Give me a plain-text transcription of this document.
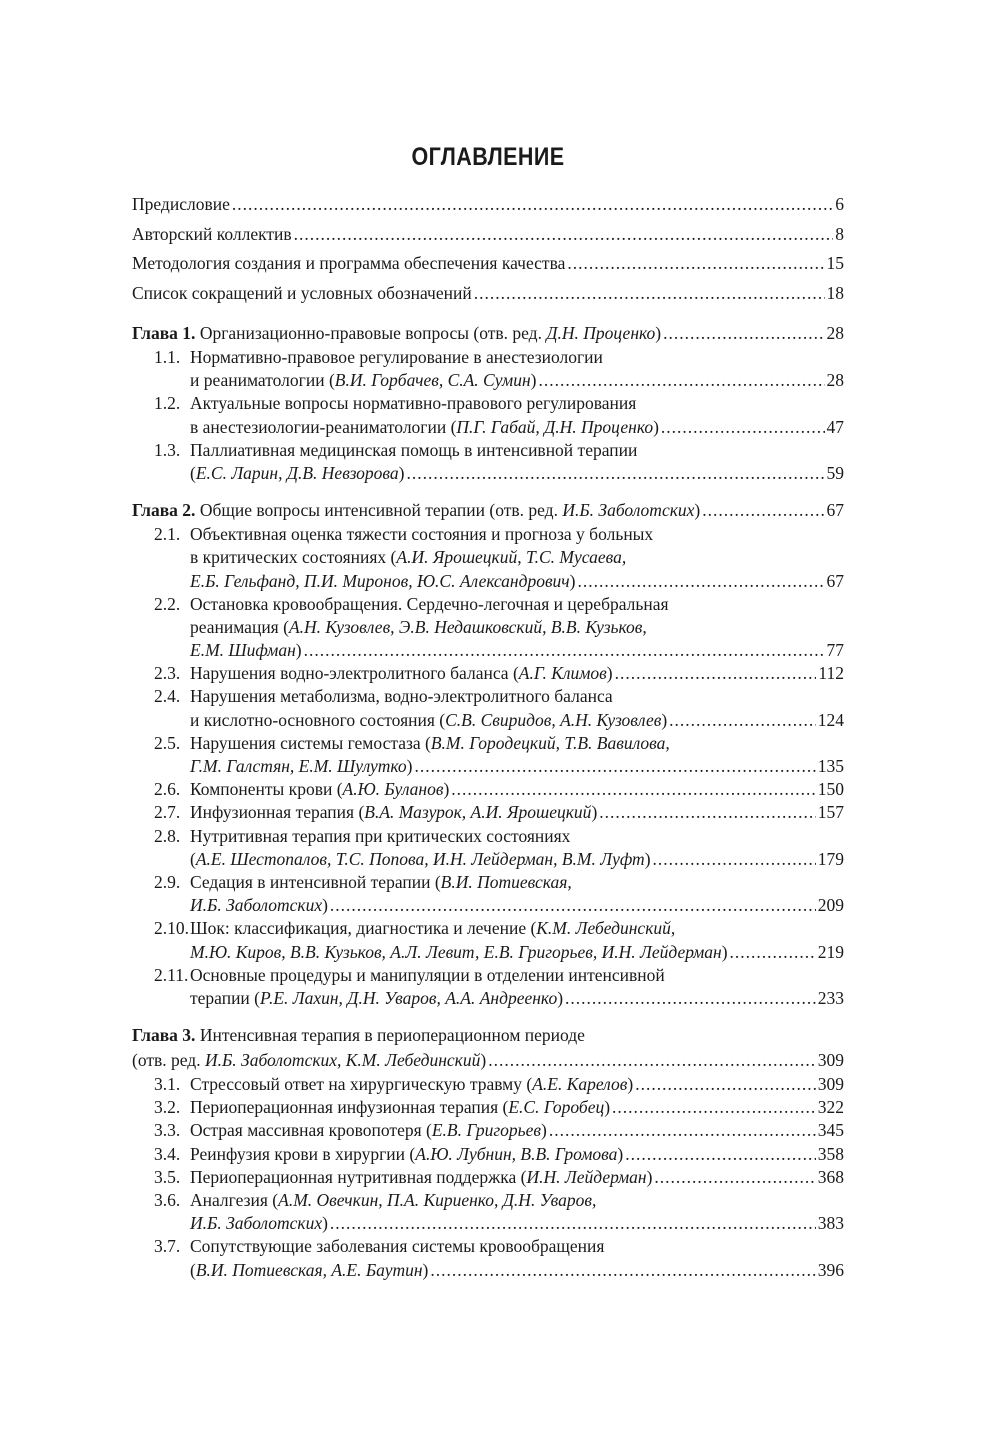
ОГЛАВЛЕНИЕ
Предисловие .....	6
Авторский коллектив .....	8
Методология создания и программа обеспечения качества .....	15
Список сокращений и условных обозначений .....	18
Глава 1. Организационно-правовые вопросы (отв. ред. Д.Н. Проценко) .....	28
1.1. Нормативно-правовое регулирование в анестезиологии
и реаниматологии (В.И. Горбачев, С.А. Сумин) .....	28
1.2. Актуальные вопросы нормативно-правового регулирования
в анестезиологии-реаниматологии (П.Г. Габай, Д.Н. Проценко) .....	47
1.3. Паллиативная медицинская помощь в интенсивной терапии
(Е.С. Ларин, Д.В. Невзорова) .....	59
Глава 2. Общие вопросы интенсивной терапии (отв. ред. И.Б. Заболотских) .....	67
2.1. Объективная оценка тяжести состояния и прогноза у больных
в критических состояниях (А.И. Ярошецкий, Т.С. Мусаева,
Е.Б. Гельфанд, П.И. Миронов, Ю.С. Александрович) .....	67
2.2. Остановка кровообращения. Сердечно-легочная и церебральная
реанимация (А.Н. Кузовлев, Э.В. Недашковский, В.В. Кузьков,
Е.М. Шифман) .....	77
2.3. Нарушения водно-электролитного баланса (А.Г. Климов) .....	112
2.4. Нарушения метаболизма, водно-электролитного баланса
и кислотно-основного состояния (С.В. Свиридов, А.Н. Кузовлев) .....	124
2.5. Нарушения системы гемостаза (В.М. Городецкий, Т.В. Вавилова,
Г.М. Галстян, Е.М. Шулутко) .....	135
2.6. Компоненты крови (А.Ю. Буланов) .....	150
2.7. Инфузионная терапия (В.А. Мазурок, А.И. Ярошецкий) .....	157
2.8. Нутритивная терапия при критических состояниях
(А.Е. Шестопалов, Т.С. Попова, И.Н. Лейдерман, В.М. Луфт) .....	179
2.9. Седация в интенсивной терапии (В.И. Потиевская,
И.Б. Заболотских) .....	209
2.10.Шок: классификация, диагностика и лечение (К.М. Лебединский,
М.Ю. Киров, В.В. Кузьков, А.Л. Левит, Е.В. Григорьев, И.Н. Лейдерман) .....	219
2.11.Основные процедуры и манипуляции в отделении интенсивной
терапии (Р.Е. Лахин, Д.Н. Уваров, А.А. Андреенко) .....	233
Глава 3. Интенсивная терапия в периоперационном периоде
(отв. ред. И.Б. Заболотских, К.М. Лебединский) .....	309
3.1. Стрессовый ответ на хирургическую травму (А.Е. Карелов) .....	309
3.2. Периоперационная инфузионная терапия (Е.С. Горобец) .....	322
3.3. Острая массивная кровопотеря (Е.В. Григорьев) .....	345
3.4. Реинфузия крови в хирургии (А.Ю. Лубнин, В.В. Громова) .....	358
3.5. Периоперационная нутритивная поддержка (И.Н. Лейдерман) .....	368
3.6. Аналгезия (А.М. Овечкин, П.А. Кириенко, Д.Н. Уваров,
И.Б. Заболотских) .....	383
3.7. Сопутствующие заболевания системы кровообращения
(В.И. Потиевская, А.Е. Баутин) .....	396
